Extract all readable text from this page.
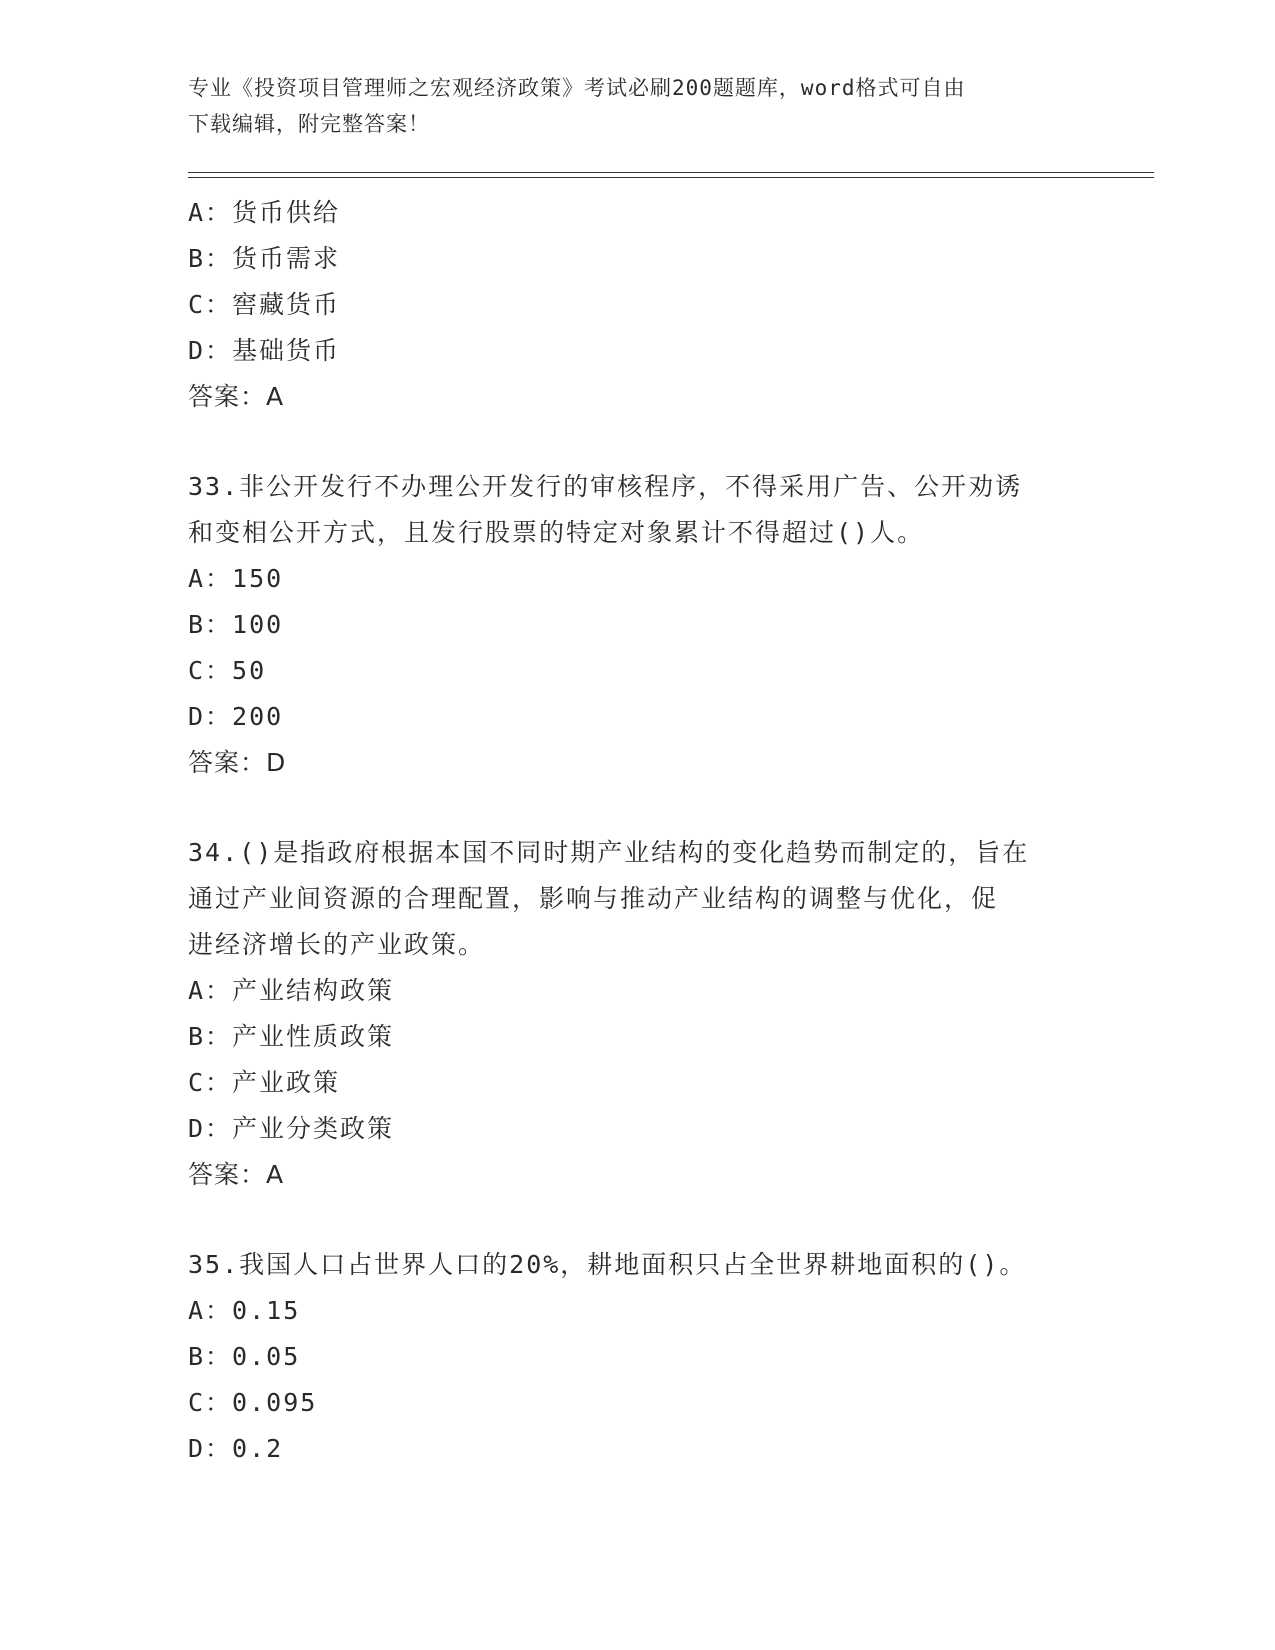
专业《投资项目管理师之宏观经济政策》考试必刷200题题库，word格式可自由
下载编辑，附完整答案！
A：货币供给
B：货币需求
C：窖藏货币
D：基础货币
答案：A
33.非公开发行不办理公开发行的审核程序，不得采用广告、公开劝诱
和变相公开方式，且发行股票的特定对象累计不得超过()人。
A：150
B：100
C：50
D：200
答案：D
34.()是指政府根据本国不同时期产业结构的变化趋势而制定的，旨在
通过产业间资源的合理配置，影响与推动产业结构的调整与优化，促
进经济增长的产业政策。
A：产业结构政策
B：产业性质政策
C：产业政策
D：产业分类政策
答案：A
35.我国人口占世界人口的20%，耕地面积只占全世界耕地面积的()。
A：0.15
B：0.05
C：0.095
D：0.2
